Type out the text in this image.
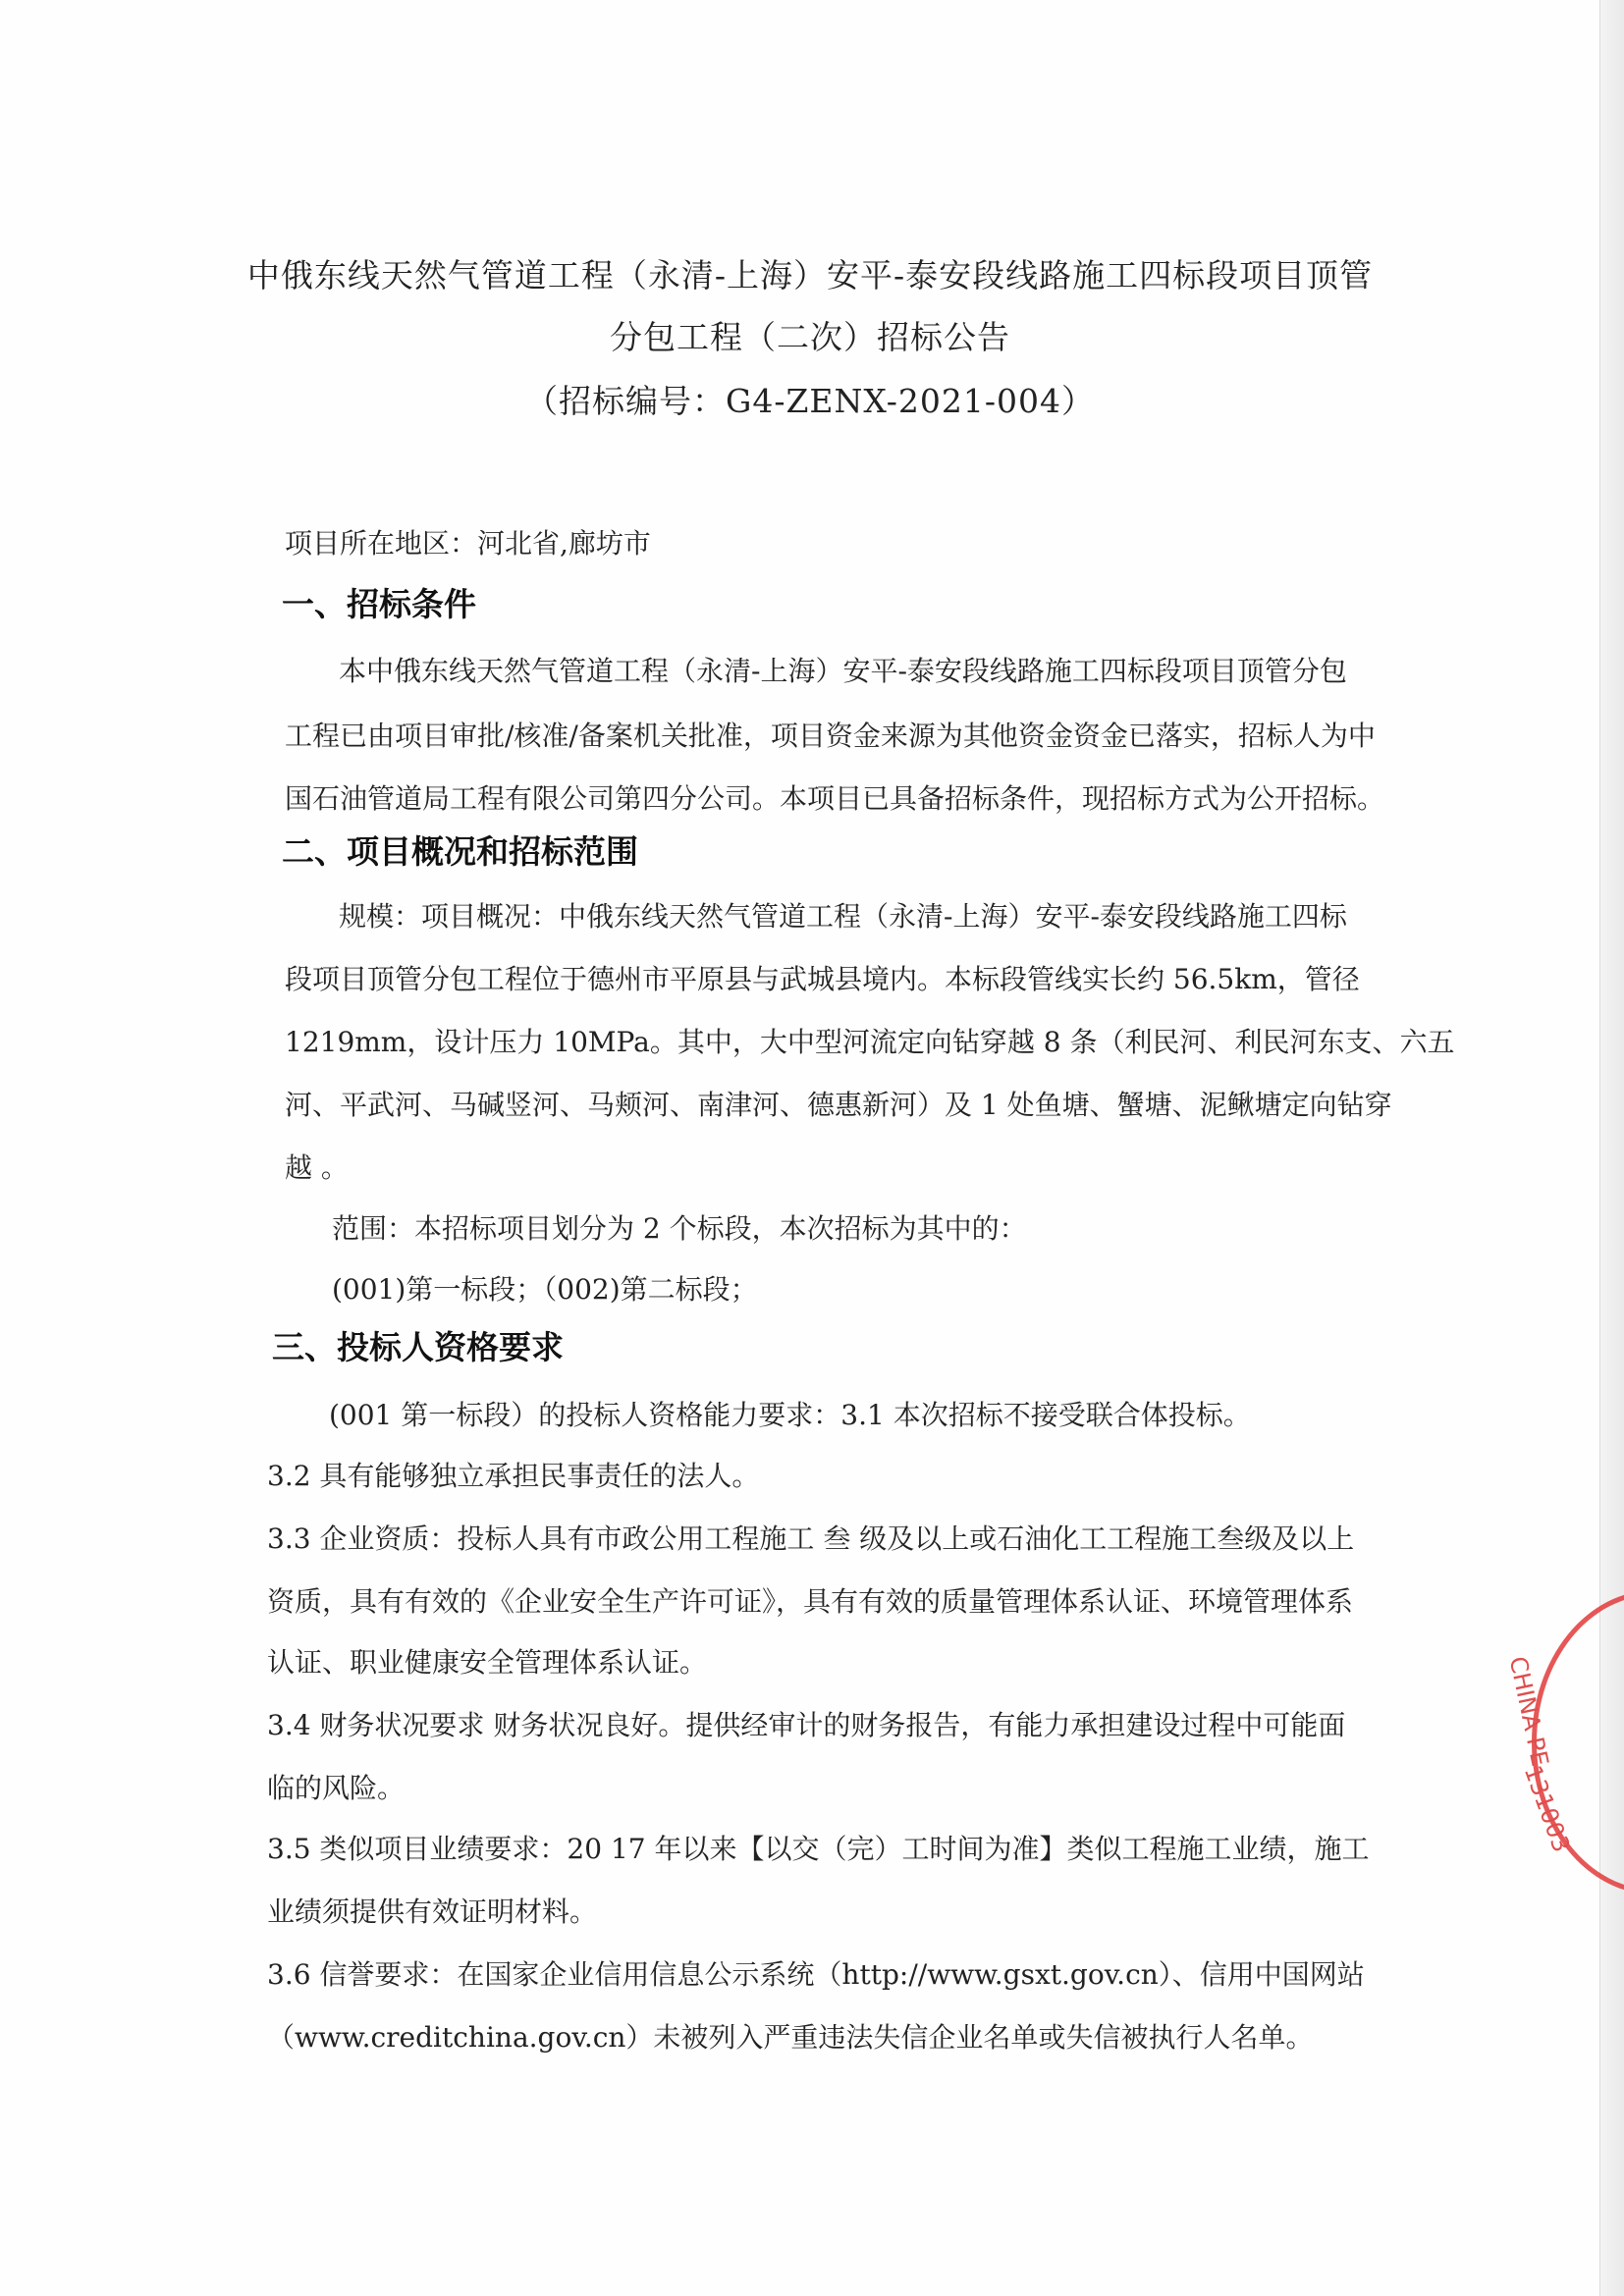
中俄东线天然气管道工程（永清-上海）安平-泰安段线路施工四标段项目顶管
分包工程（二次）招标公告
（招标编号：G4-ZENX-2021-004）
项目所在地区：河北省,廊坊市
一、招标条件
本中俄东线天然气管道工程（永清-上海）安平-泰安段线路施工四标段项目顶管分包
工程已由项目审批/核准/备案机关批准，项目资金来源为其他资金资金已落实，招标人为中
国石油管道局工程有限公司第四分公司。本项目已具备招标条件，现招标方式为公开招标。
二、项目概况和招标范围
规模：项目概况：中俄东线天然气管道工程（永清-上海）安平-泰安段线路施工四标
段项目顶管分包工程位于德州市平原县与武城县境内。本标段管线实长约 56.5km，管径
1219mm，设计压力 10MPa。其中，大中型河流定向钻穿越 8 条（利民河、利民河东支、六五
河、平武河、马碱竖河、马颊河、南津河、德惠新河）及 1 处鱼塘、蟹塘、泥鳅塘定向钻穿
越 。
范围：本招标项目划分为 2 个标段，本次招标为其中的：
(001)第一标段；（002)第二标段；
三、投标人资格要求
(001 第一标段）的投标人资格能力要求：3.1 本次招标不接受联合体投标。
3.2 具有能够独立承担民事责任的法人。
3.3 企业资质：投标人具有市政公用工程施工 叁 级及以上或石油化工工程施工叁级及以上
资质，具有有效的《企业安全生产许可证》，具有有效的质量管理体系认证、环境管理体系
认证、职业健康安全管理体系认证。
3.4 财务状况要求 财务状况良好。提供经审计的财务报告，有能力承担建设过程中可能面
临的风险。
3.5 类似项目业绩要求：20 17 年以来【以交（完）工时间为准】类似工程施工业绩，施工
业绩须提供有效证明材料。
3.6 信誉要求：在国家企业信用信息公示系统（http://www.gsxt.gov.cn）、信用中国网站
（www.creditchina.gov.cn）未被列入严重违法失信企业名单或失信被执行人名单。
CHINA PE
131003
